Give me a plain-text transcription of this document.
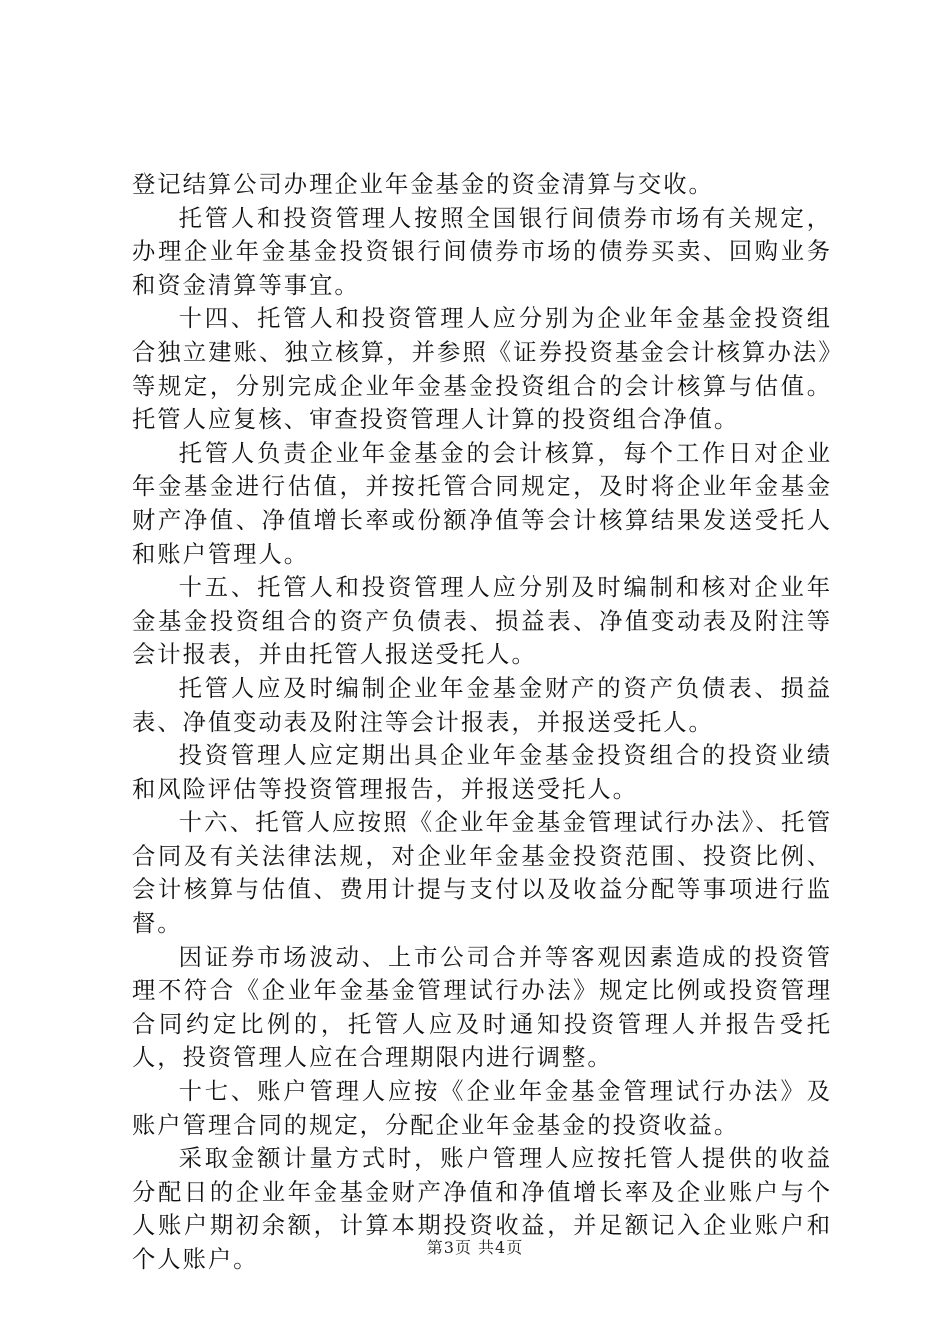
登记结算公司办理企业年金基金的资金清算与交收。

托管人和投资管理人按照全国银行间债券市场有关规定，办理企业年金基金投资银行间债券市场的债券买卖、回购业务和资金清算等事宜。

十四、托管人和投资管理人应分别为企业年金基金投资组合独立建账、独立核算，并参照《证券投资基金会计核算办法》等规定，分别完成企业年金基金投资组合的会计核算与估值。托管人应复核、审查投资管理人计算的投资组合净值。

托管人负责企业年金基金的会计核算，每个工作日对企业年金基金进行估值，并按托管合同规定，及时将企业年金基金财产净值、净值增长率或份额净值等会计核算结果发送受托人和账户管理人。

十五、托管人和投资管理人应分别及时编制和核对企业年金基金投资组合的资产负债表、损益表、净值变动表及附注等会计报表，并由托管人报送受托人。

托管人应及时编制企业年金基金财产的资产负债表、损益表、净值变动表及附注等会计报表，并报送受托人。

投资管理人应定期出具企业年金基金投资组合的投资业绩和风险评估等投资管理报告，并报送受托人。

十六、托管人应按照《企业年金基金管理试行办法》、托管合同及有关法律法规，对企业年金基金投资范围、投资比例、会计核算与估值、费用计提与支付以及收益分配等事项进行监督。

因证券市场波动、上市公司合并等客观因素造成的投资管理不符合《企业年金基金管理试行办法》规定比例或投资管理合同约定比例的，托管人应及时通知投资管理人并报告受托人，投资管理人应在合理期限内进行调整。

十七、账户管理人应按《企业年金基金管理试行办法》及账户管理合同的规定，分配企业年金基金的投资收益。

采取金额计量方式时，账户管理人应按托管人提供的收益分配日的企业年金基金财产净值和净值增长率及企业账户与个人账户期初余额，计算本期投资收益，并足额记入企业账户和个人账户。	第3页 共4页
